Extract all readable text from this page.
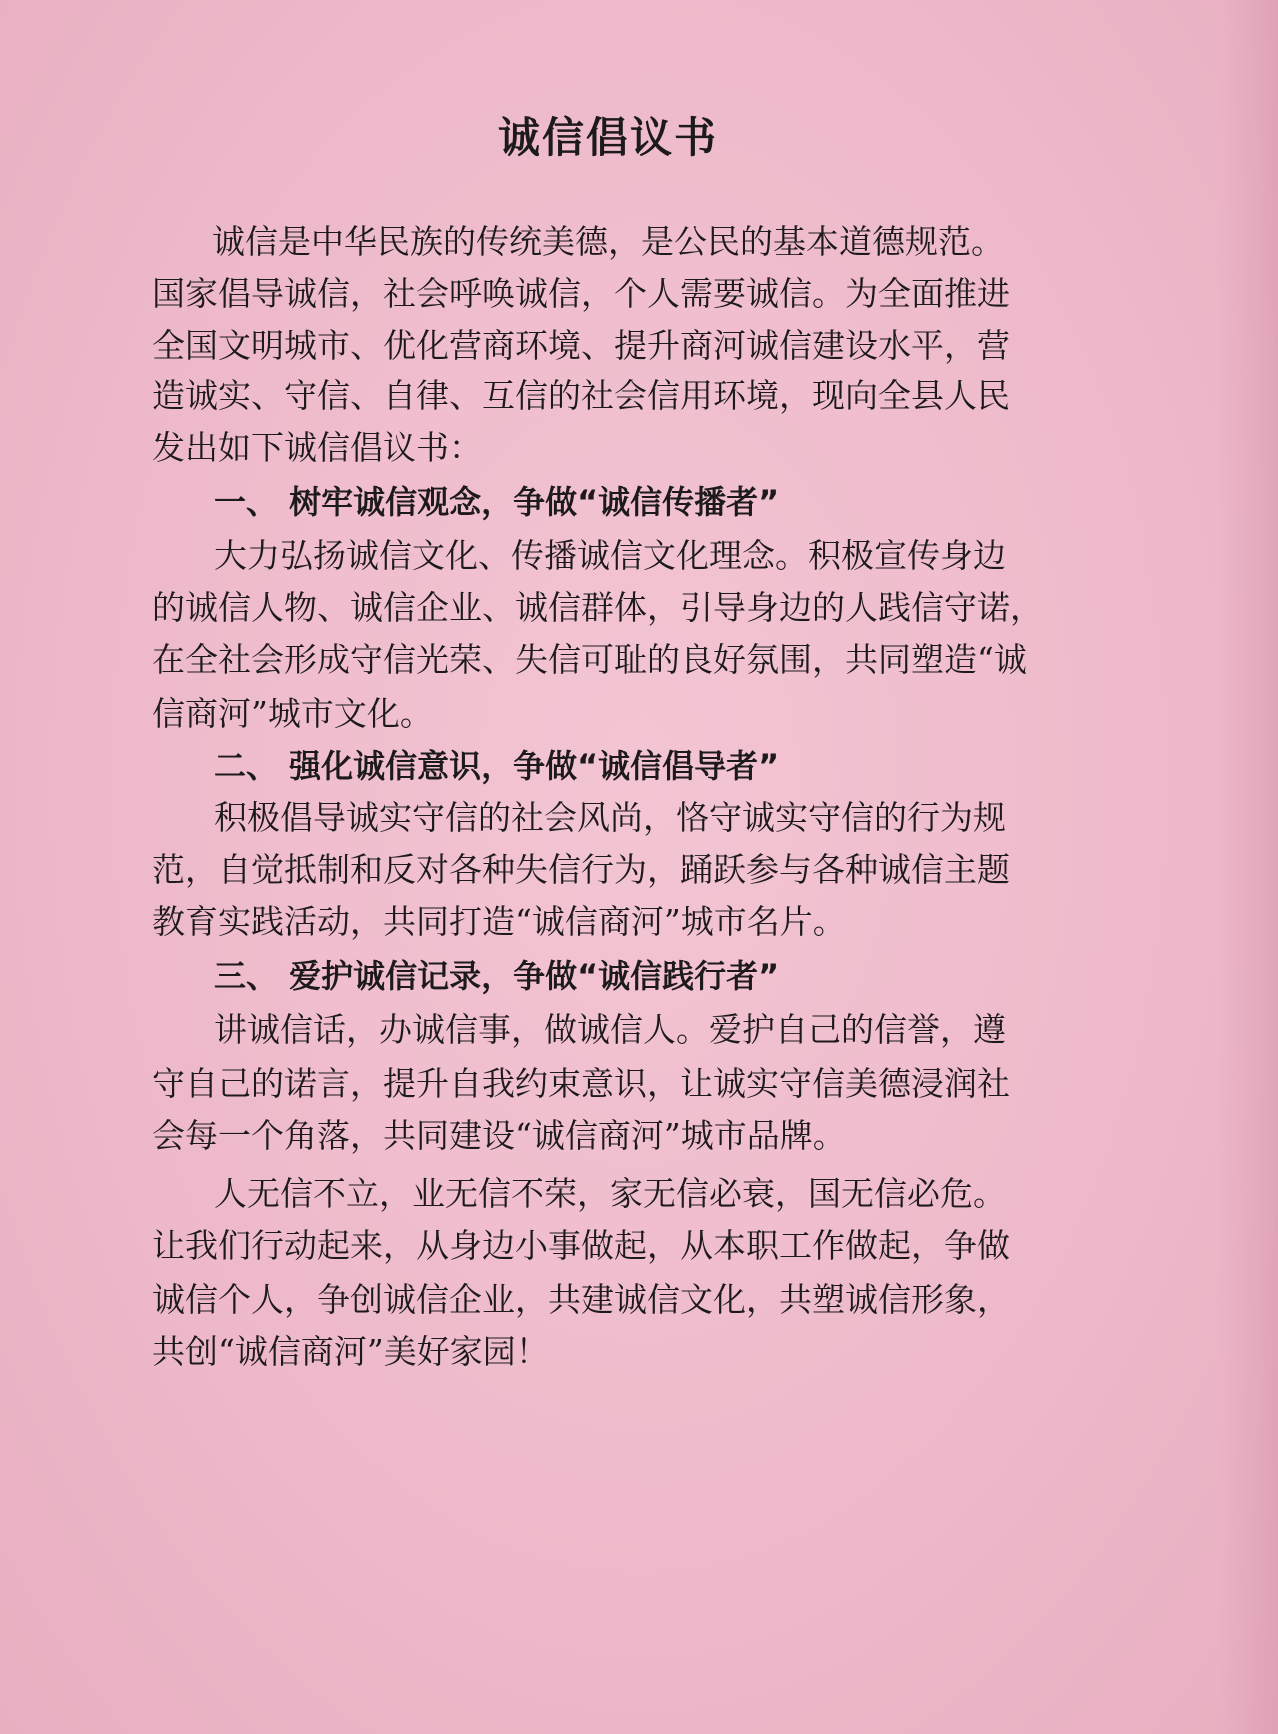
诚信倡议书

诚信是中华民族的传统美德，是公民的基本道德规范。

国家倡导诚信，社会呼唤诚信，个人需要诚信。为全面推进

全国文明城市、优化营商环境、提升商河诚信建设水平，营

造诚实、守信、自律、互信的社会信用环境，现向全县人民

发出如下诚信倡议书：

一、 树牢诚信观念，争做“诚信传播者”

大力弘扬诚信文化、传播诚信文化理念。积极宣传身边

的诚信人物、诚信企业、诚信群体，引导身边的人践信守诺，

在全社会形成守信光荣、失信可耻的良好氛围，共同塑造“诚

信商河”城市文化。

二、 强化诚信意识，争做“诚信倡导者”

积极倡导诚实守信的社会风尚，恪守诚实守信的行为规

范，自觉抵制和反对各种失信行为，踊跃参与各种诚信主题

教育实践活动，共同打造“诚信商河”城市名片。

三、 爱护诚信记录，争做“诚信践行者”

讲诚信话，办诚信事，做诚信人。爱护自己的信誉，遵

守自己的诺言，提升自我约束意识，让诚实守信美德浸润社

会每一个角落，共同建设“诚信商河”城市品牌。

人无信不立，业无信不荣，家无信必衰，国无信必危。

让我们行动起来，从身边小事做起，从本职工作做起，争做

诚信个人，争创诚信企业，共建诚信文化，共塑诚信形象，

共创“诚信商河”美好家园！
